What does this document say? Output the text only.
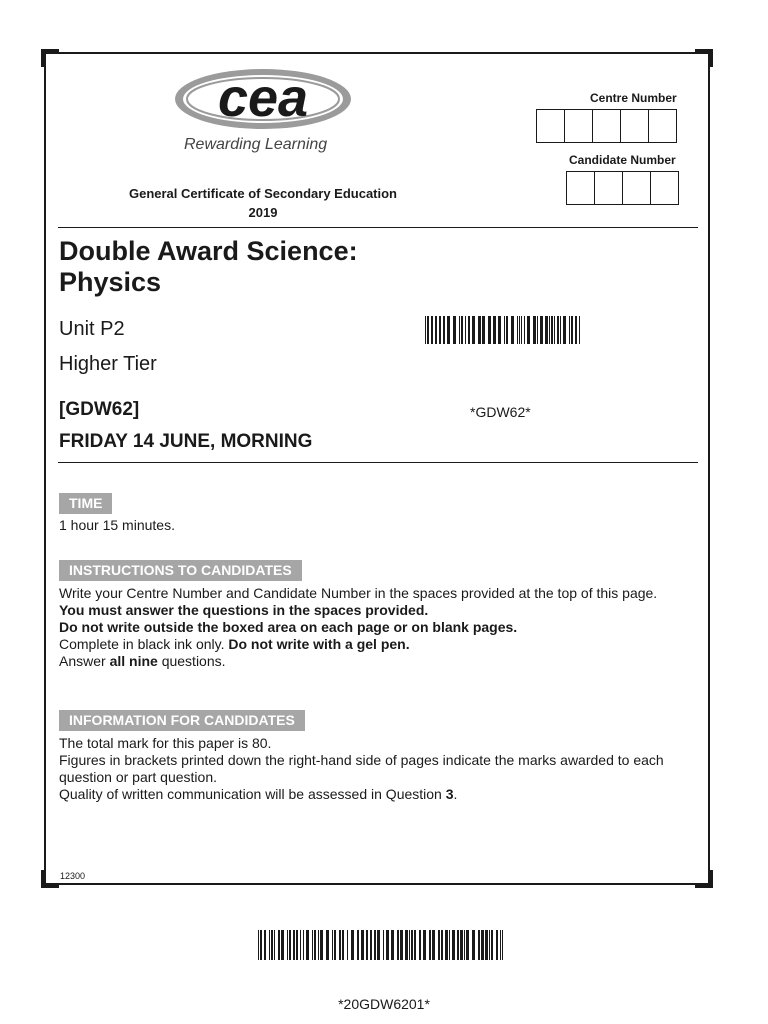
cea
Rewarding Learning
Centre Number
Candidate Number
General Certificate of Secondary Education
2019
Double Award Science:
Physics
Unit P2
Higher Tier
[GDW62]	*GDW62*
FRIDAY 14 JUNE, MORNING
TIME
1 hour 15 minutes.
INSTRUCTIONS TO CANDIDATES
Write your Centre Number and Candidate Number in the spaces provided at the top of this page.
You must answer the questions in the spaces provided.
Do not write outside the boxed area on each page or on blank pages.
Complete in black ink only. Do not write with a gel pen.
Answer all nine questions.
INFORMATION FOR CANDIDATES
The total mark for this paper is 80.
Figures in brackets printed down the right-hand side of pages indicate the marks awarded to each question or part question.
Quality of written communication will be assessed in Question 3.
12300
*20GDW6201*
